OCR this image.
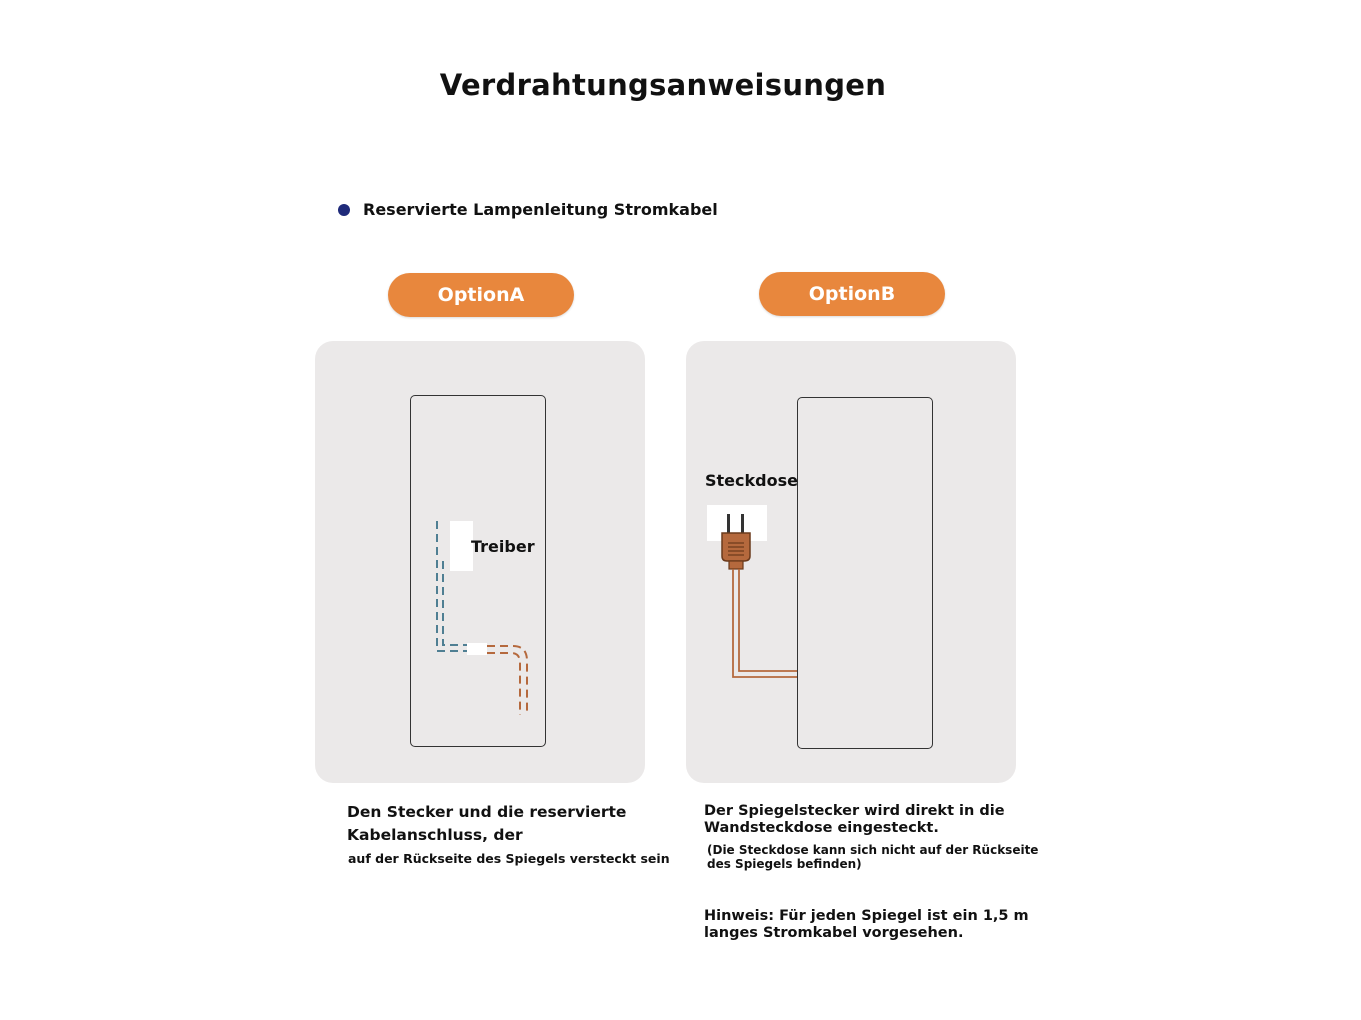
Verdrahtungsanweisungen
Reservierte Lampenleitung Stromkabel
OptionA	OptionB
Treiber
Steckdose
Den Stecker und die reservierte Kabelanschluss, der
auf der Rückseite des Spiegels versteckt sein
Der Spiegelstecker wird direkt in die Wandsteckdose eingesteckt.
(Die Steckdose kann sich nicht auf der Rückseite des Spiegels befinden)
Hinweis: Für jeden Spiegel ist ein 1,5 m langes Stromkabel vorgesehen.
